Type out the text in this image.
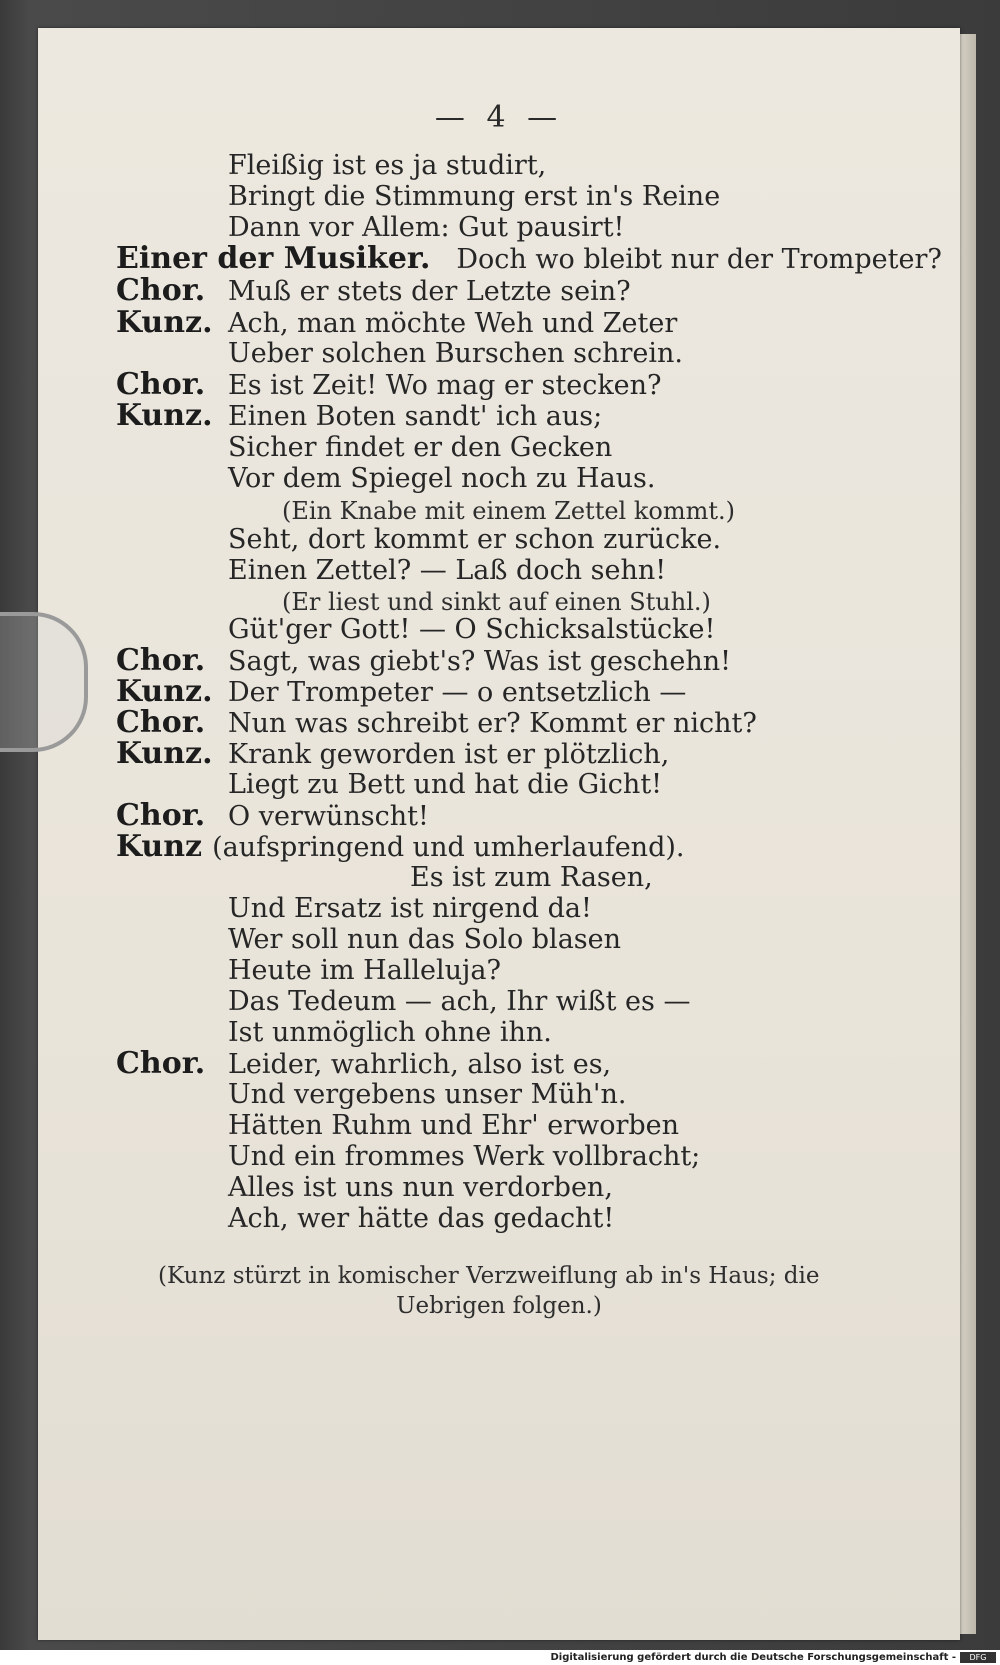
— 4 —
Fleißig ist es ja studirt,
Bringt die Stimmung erst in's Reine
Dann vor Allem: Gut pausirt!
Einer der Musiker. Doch wo bleibt nur der Trompeter?
Chor. Muß er stets der Letzte sein?
Kunz. Ach, man möchte Weh und Zeter
Ueber solchen Burschen schrein.
Chor. Es ist Zeit! Wo mag er stecken?
Kunz. Einen Boten sandt' ich aus;
Sicher findet er den Gecken
Vor dem Spiegel noch zu Haus.
(Ein Knabe mit einem Zettel kommt.)
Seht, dort kommt er schon zurücke.
Einen Zettel? — Laß doch sehn!
(Er liest und sinkt auf einen Stuhl.)
Güt'ger Gott! — O Schicksalstücke!
Chor. Sagt, was giebt's? Was ist geschehn!
Kunz. Der Trompeter — o entsetzlich —
Chor. Nun was schreibt er? Kommt er nicht?
Kunz. Krank geworden ist er plötzlich,
Liegt zu Bett und hat die Gicht!
Chor. O verwünscht!
Kunz (aufspringend und umherlaufend).
Es ist zum Rasen,
Und Ersatz ist nirgend da!
Wer soll nun das Solo blasen
Heute im Halleluja?
Das Tedeum — ach, Ihr wißt es —
Ist unmöglich ohne ihn.
Chor. Leider, wahrlich, also ist es,
Und vergebens unser Müh'n.
Hätten Ruhm und Ehr' erworben
Und ein frommes Werk vollbracht;
Alles ist uns nun verdorben,
Ach, wer hätte das gedacht!
(Kunz stürzt in komischer Verzweiflung ab in's Haus; die
Uebrigen folgen.)
Digitalisierung gefördert durch die Deutsche Forschungsgemeinschaft -	DFG
